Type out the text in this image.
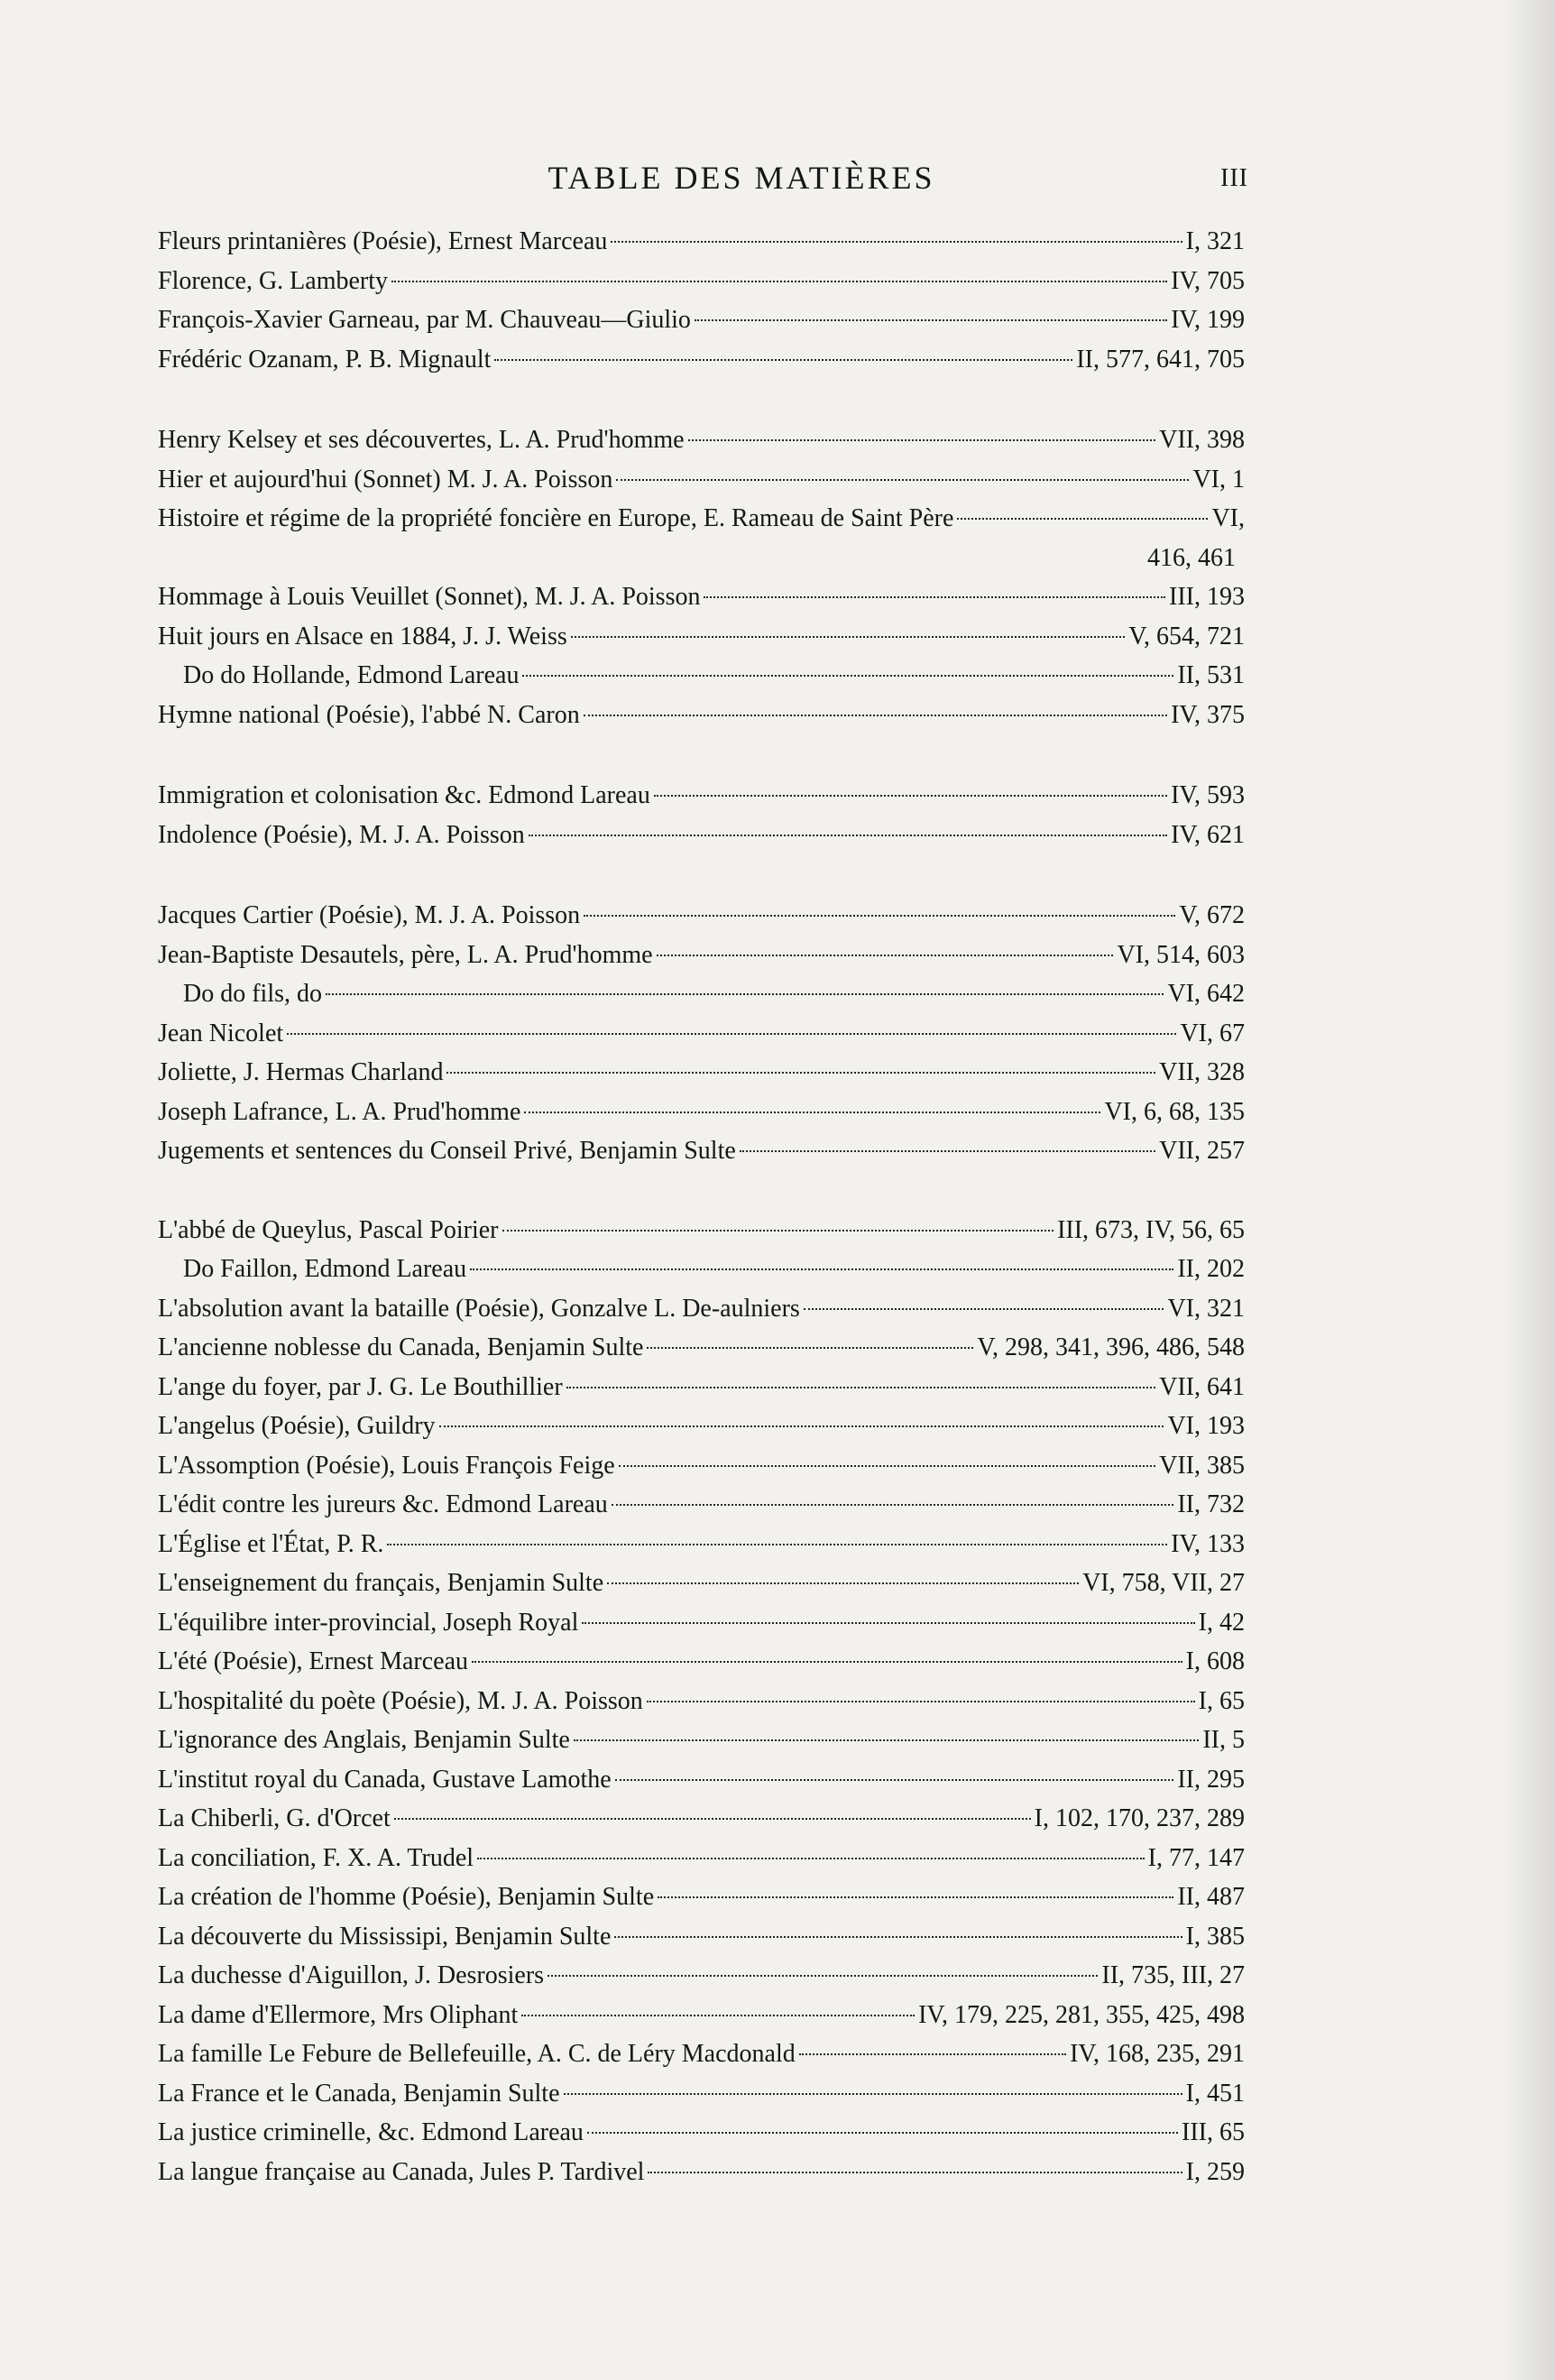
TABLE DES MATIÈRES	III
Fleurs printanières (Poésie), Ernest Marceau	I, 321
Florence, G. Lamberty	IV, 705
François-Xavier Garneau, par M. Chauveau—Giulio	IV, 199
Frédéric Ozanam, P. B. Mignault	II, 577, 641, 705
Henry Kelsey et ses découvertes, L. A. Prud'homme	VII, 398
Hier et aujourd'hui (Sonnet) M. J. A. Poisson	VI, 1
Histoire et régime de la propriété foncière en Europe, E. Rameau de Saint Père	VI,
416, 461
Hommage à Louis Veuillet (Sonnet), M. J. A. Poisson	III, 193
Huit jours en Alsace en 1884, J. J. Weiss	V, 654, 721
Do do Hollande, Edmond Lareau	II, 531
Hymne national (Poésie), l'abbé N. Caron	IV, 375
Immigration et colonisation &c. Edmond Lareau	IV, 593
Indolence (Poésie), M. J. A. Poisson	IV, 621
Jacques Cartier (Poésie), M. J. A. Poisson	V, 672
Jean-Baptiste Desautels, père, L. A. Prud'homme	VI, 514, 603
Do do fils, do	VI, 642
Jean Nicolet	VI, 67
Joliette, J. Hermas Charland	VII, 328
Joseph Lafrance, L. A. Prud'homme	VI, 6, 68, 135
Jugements et sentences du Conseil Privé, Benjamin Sulte	VII, 257
L'abbé de Queylus, Pascal Poirier	III, 673, IV, 56, 65
Do Faillon, Edmond Lareau	II, 202
L'absolution avant la bataille (Poésie), Gonzalve L. De-aulniers	VI, 321
L'ancienne noblesse du Canada, Benjamin Sulte	V, 298, 341, 396, 486, 548
L'ange du foyer, par J. G. Le Bouthillier	VII, 641
L'angelus (Poésie), Guildry	VI, 193
L'Assomption (Poésie), Louis François Feige	VII, 385
L'édit contre les jureurs &c. Edmond Lareau	II, 732
L'Église et l'État, P. R.	IV, 133
L'enseignement du français, Benjamin Sulte	VI, 758, VII, 27
L'équilibre inter-provincial, Joseph Royal	I, 42
L'été (Poésie), Ernest Marceau	I, 608
L'hospitalité du poète (Poésie), M. J. A. Poisson	I, 65
L'ignorance des Anglais, Benjamin Sulte	II, 5
L'institut royal du Canada, Gustave Lamothe	II, 295
La Chiberli, G. d'Orcet	I, 102, 170, 237, 289
La conciliation, F. X. A. Trudel	I, 77, 147
La création de l'homme (Poésie), Benjamin Sulte	II, 487
La découverte du Mississipi, Benjamin Sulte	I, 385
La duchesse d'Aiguillon, J. Desrosiers	II, 735, III, 27
La dame d'Ellermore, Mrs Oliphant	IV, 179, 225, 281, 355, 425, 498
La famille Le Febure de Bellefeuille, A. C. de Léry Macdonald	IV, 168, 235, 291
La France et le Canada, Benjamin Sulte	I, 451
La justice criminelle, &c. Edmond Lareau	III, 65
La langue française au Canada, Jules P. Tardivel	I, 259
